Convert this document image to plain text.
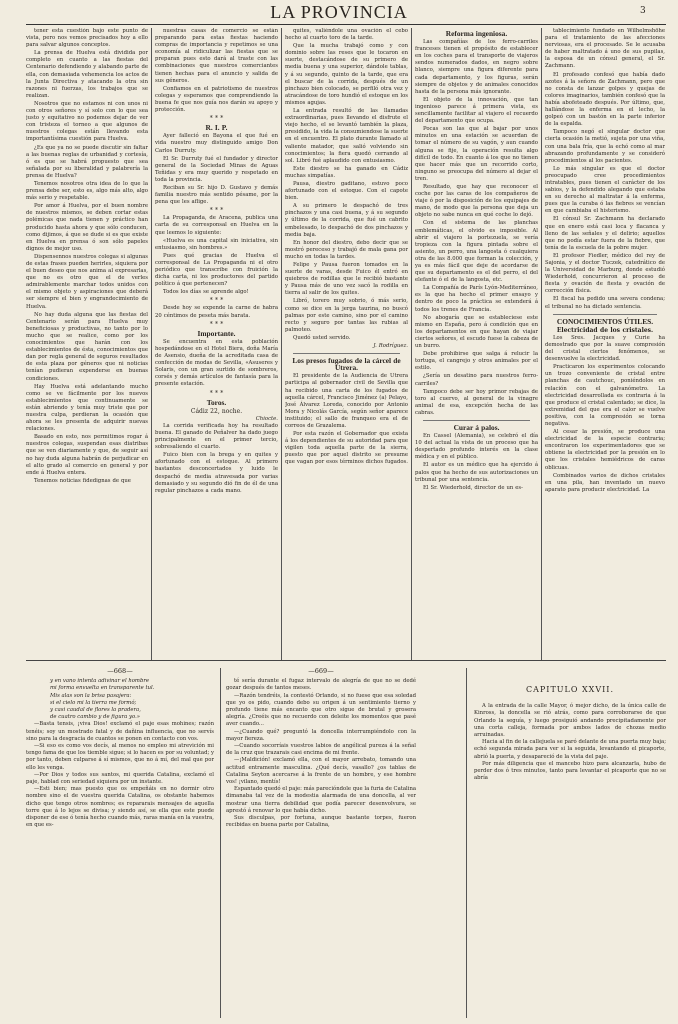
LA PROVINCIA	3

tener esta cuestión bajo este punto de vista, pero nos vemos precisados hoy a ello para salvar algunos conceptos.

La prensa de Huelva está dividida por completo en cuanto a las fiestas del Centenario defendiendo y alabando parte de ella, con demasiada vehemencia los actos de la Junta Directiva y atacando la otra sin razones ni fuerzas, los trabajos que se realizan.

Nosotros que no estamos ni con unos ni con otros señores y sí solo con lo que sea justo y equitativo no podemos dejar de ver con tristeza el torneo a que algunos de nuestros colegas están llevando esta importantísima cuestión para Huelva.

¿Es que ya no se puede discutir sin faltar a las buenas reglas de urbanidad y cortesía, ó es que se habrá propuesto que sea señalada por su liberalidad y palabrería la prensa de Huelva?

Tenemos nosotros otra idea de lo que la prensa debe ser, esto es, algo más alto, algo más serio y respetable.

Por amor á Huelva, por el buen nombre de nuestros mismos, se deben cortar estas polémicas que nada tienen y práctico han producido hasta ahora y que sólo conducen, como dijimos, á que se dude si es que existe en Huelva en prensa ó son sólo papeles dignos de mejor uso.

Dispensennos nuestros colegas si algunas de estas frases pueden herirles, siquiera por el buen deseo que nos anima al expresarlas, que no es otro que el de verles admirablemente marchar todos unidos con el mismo objeto y aspiraciones que deberá ser siempre el bien y engrandecimiento de Huelva.

No hay duda alguna que las fiestas del Centenario serán para Huelva muy beneficiosas y productivas, no tanto por lo mucho que se realice, como por los conocimientos que harán con los establecimientos de ésta, conocimientos que dan por regla general de seguros resultados de esta plaza por géneros que ni noticias tenían pudieran expenderse en buenas condiciones.

Hay Huelva está adelantando mucho como se ve fácilmente por los nuevos establecimientos que continuamente se están abriendo y tenía muy triste que por nuestra culpa, perdieran la ocasión que ahora se les presenta de adquirir nuevas relaciones.

Basado en esto, nos permitimos rogar á nuestros colegas, suspendan esas diatribas que se ven diariamente y que, de seguir así no hay duda alguna habrán de perjudicar en el alto grado al comercio en general y por ende á Huelva entera.

Tenemos noticias fidedignas de que

nuestras casas de comercio se están preparando para estas fiestas haciendo compras de importancia y repetimos se una economía al ridiculizar las fiestas que se preparan pues esto dará al traste con las combinaciones que nuestros comerciantes tienen hechas para el anuncio y salida de sus géneros.

Confiamos en el patriotismo de nuestros colegas y esperamos que comprendiendo la buena fe que nos guía nos darán su apoyo y protección.

* * *
R. I. P.

Ayer falleció en Bayona el que fué en vida nuestro muy distinguido amigo Don Carlos Durruty.

El Sr. Durruty fué el fundador y director general de la Sociedad Minas de Aguas Teñidas y era muy querido y respetado en toda la provincia.

Reciban su Sr. hijo D. Gustavo y demás familia nuestro más sentido pésame, por la pena que les aflige.

* * *

La Propaganda, de Aracena, publica una carta de su corresponsal en Huelva en la que leemos lo siguiente:

«Huelva es una capital sin iniciativa, sin entusiasmo, sin hombres.»

Pues qué gracias de Huelva el corresponsal de La Propaganda ni el otro periódico que transcribe con fruición la dicha carta, ni los productores del partido político á que pertenecen?

Todos los días se aprende algo!

* * *

Desde hoy se expende la carne de habra 20 céntimos de peseta más barata.

* * *
Importante.

Se encuentra en esta población hospedándose en el Hotel Biera, doña María de Asensio, dueña de la acreditada casa de confección de modas de Sevilla, «Asuseres y Solaris, con un gran surtido de sombreros, corsés y demás artículos de fantasía para la presente estación.

* * *
Toros.
Cádiz 22, noche.
Chiocte.

La corrida verificada hoy ha resultado buena. El ganado de Peñalver ha dado juego principalmente en el primer tercio, sobresaliendo el cuarto.

Fuico bien con la brega y en quites y afortunado con el estoque. Al primero bastantes desconcertados y luido le despachó de media atravesada por varias demasiado y su segundo dió fin de él de una regular pinchazos a cada mano.

quites, valiéndole una ovación el cebo hecho al cuarto toro de la tarde.

Que la mucha trabajó como y con dominio sobre las reses que le tocaron en suerte, destacándose de su primero de media buena y una superior, dándole tablas, y á su segundo, quinto de la tarde, que era el buscar de la corrida, después de un pinchazo bien colocado, se perfiló otra vez y atracándose de toro hundió el estoque en los mismos agujas.

La entrada resultó de las llamadas extraordinarias, pues llevando el disfrute el viejo hecho, el se levantó también la plaza, presidido, la vida la consumiendose la suerte en el encuentro. El plato durante llamado al valiente matador, que salió volviendo sin conocimientos; la fiera quedó cerrando al sol. Libró fué aplaudido con entusiasmo.

Este diestro se ha ganado en Cádiz muchas simpatías.

Pausa, diestro gaditano, estuvo poco afortunado con el estoque. Con el capote bien.

A su primero le despachó de tres pinchazos y una casi buena, y á su segundo y último de la corrida, que fué un cabrito embelesado, lo despachó de dos pinchazos y media baja.

En honor del diestro, debo decir que se mostró pereceso y trabajó de mala gana por mucho en todas la tardes.

Felipe y Pausa fueron tomados en la suerte de varas, desde Fuico él entró en quiebros de rodillas que le recibió bastante y Pausa más de uno vez sacó la rodilla en tierra al salir de los quites.

Libró, torero muy sobrio, ó más serio, como se dice en la jerga taurina, no buscó palmas por este camino, sino por el camino recto y seguro por tantas las rubias al palmoteo.

Quedó usted servido.

J. Rodríguez.
Los presos fugados de la cárcel de Utrera.

El presidente de la Audiencia de Utrera participa al gobernador civil de Sevilla que ha recibido una carta de los fugados de aquella cárcel, Francisco Jiménez (a) Pelayo, José Álvarez Loreda, conocido por Antonio Mora y Nicolás García, según señor aparece instituido; el sallo de franqueo era el de correos de Grazalema.

Por esta razón el Gobernador que exista á los dependientes de su autoridad para que vigilen toda aquella parte de la sierra, puesto que por aquel distrito se presume que vagan por esos términos dichos fugados.

Reforma ingeniosa.

Las compañías de los ferro-carriles franceses tienen el propósito de establecer en los coches para el transporte de viajeros sendos numerados dados, en negro sobre blanco, siempre una figura diferente para cada departamento, y los figuras, serán siempre de objetos y de animales conocidos hasta de la persona más ignorante.

El objeto de la innovación, que tan ingenioso parece á primera vista, es sencillamente facilitar al viajero el recuerdo del departamento que ocupa.

Pocas son las que al bajar por unos minutos en una estación se acuerdan de tomar el número de su vagón, y aun cuando alguna se fije, la operación resulta algo difícil de todo. En cuanto á los que no tienen que hacer más que un recorrido corto, ninguno se preocupa del número al dejar el tren.

Resultado, que hay que reconocer el coche por las caras de los compañeros de viaje ó por la disposición de los equipajes de mano, de modo que la persona que deja un objeto no sabe nunca en qué coche lo dejó.

Con el sistema de las planchas emblemáticas, el olvido es imposible. Al abrir el viajero la portezuela, se vería tropieza con la figura pintada sobre el asiento, un perro, una langosta ó cualquiera otra de las 8.000 que forman la colección, y ya es más fácil que deje de acordarse de que su departamento es el del perro, el del elefante ó el de la langosta, etc.

La Compañía de París Lyón-Mediterráneo, es la que ha hecho el primer ensayo y dentro de poco la práctica se extenderá á todos los trenes de Francia.

No abogaría que se estableciese este mismo en España, pero á condición que en los departamentos en que hayan de viajar ciertos señores, el escudo fuese la cabeza de un burro.

Debe prohibirse que salga á relucir la tortuga, el cangrejo y otros animales por el estilo.

¿Sería un desatino para nuestros ferro-carriles?

Tampoco debe ser hoy primor rebajas de toro al cuervo, al general de la vinagre animal de esa, excepción hecha de las cabras.

Curar á palos.

En Cassel (Alemania), se celebró el día 10 del actual la vista de un proceso que ha despertado profundo interés en la clase médica y en el público.

El autor es un médico que ha ejercido á palos que ha hecho de sus autorizaciones un tribunal por una sentencia.

El Sr. Wiederhold, director de un es-

tablecimiento fundado en Wilhelmshöhe para el tratamiento de las afecciones nerviosas, era el procesado. Se le acusaba de haber maltratado á uno de sus pupilas, la esposa de un cónsul general, el Sr. Zachmann.

El profesado confesó que había dado azotes á la señora de Zachmann, pero que no consta de lanzar golpes y quejas de colores imaginarios, también confesó que la había abofeteado después. Por último, que, hallándose la enferma en el lecho, la golpeó con un bastón en la parte inferior de la espalda.

Tampoco negó el singular doctor que cierta ocasión la metió, sujeta por una viña, con una bala fría, que la echó como al mar abrazando profundamente y se consideró procedimientos al los pacientes.

Lo más singular es que el doctor preocupado cree procedimientos intratables, pues tienen el carácter de los sabios, y la defendido alegando que estaba en su derecho al maltratar á la enferma, pues que la curaba ó las fiebres se vencían en que cambiaba el histerismo.

El cónsul Sr. Zachmann ha declarado que en enero está casi loca y flacanca y lleno de las señales y el delirio; aquellos que no podía estar fuera de la fiebre, que tenía de la escuela de la pobre mujer.

El profesor Fiedler, médico del rey de Sajonia, y el doctor Tuczek, catedrático de la Universidad de Marburg, donde estudió Wiederhold, concurrieron al proceso de fiesta y ovación de fiesta y ovación de corrección física.

El fiscal ha pedido una severa condena; el tribunal no ha dictado sentencia.

CONOCIMIENTOS ÚTILES.
Electricidad de los cristales.

Los Sres. Jacques y Curie ha demostrado que por la suave compresión del cristal ciertos fenómenos, se desenvuelve la electricidad.

Practicaron los experimentos colocando un trozo conveniente de cristal entre planchas de cautchouc, poniéndolos en relación con el galvanómetro. La electricidad desarrollada es contraria á la que produce el cristal calentado; se dice, la extremidad del que era el calor se vuelve positiva, con la compresión se torna negativa.

Al cesar la presión, se produce una electricidad de la especie contraria; encontraron los experimentadores que se obtiene la electricidad por la presión en lo que los cristales hemiédricos de caras oblicuas.

Combinados varios de dichos cristales en una pila, han inventado un nuevo aparato para producir electricidad. La

—668—

y en vano intenta adivinar el hombre

mi forma envuelta en transparente tul.

Mis alas son la brisa pasajera:

si el cielo mi la tierra me formó;

y casi caudal de flores la pradera,

de cuatro cambio y de figura yo.»

—Basta tensis, ¡viva Dios! exclamó el paje esas mohines; razón tenéis; soy un mostrado fatal y de dañina influencia, que no servís sino para la desgracia de cuantos se ponen en contacto con vos.

—Si eso es como vos decís, al menos no empleo mi atrevición mi tengo fama de que los tiemble sigue; si lo hacen es por su voluntad; y por tanto, deben culparse á sí mismos, que no á mí, del mal que por ello les venga.

—Por Dios y todos sus santos, mi querida Catalina, exclamó el paje, hablad con seriedad siquiera por un instante.

—Esti bien; mas puesto que os empeñáis en no dormir otro nombre sino el de vuestra querida Catalina, os obstante habemos dicho que tengo otros nombres; es repararais mensajes de aquella torre que á lo lejos se divisa; y siendo así, se ella que este puede disponer de ese ó tenía hecho cuando más, raras manía en la vuestra, en que es-

—669—

té sería durante el fugaz intervalo de alegría de que no se dedé gozar después de tantos meses.

—Razón tendréis, la contestó Orlando, si no fuese que esa soledad que yo os pido, cuando debo su origen á un sentimiento tierno y profundo tiene más encanto que otro sigue de brutal y grosera alegría. ¿Creéis que no recuerdo con deleite los momentos que pasé aver cuando...

—¿Cuando qué? preguntó la doncella interrumpiéndolo con la mayor fiereza.

—Cuando socorríais vuestros labios de angélical pureza á la señal de la cruz que trazarais casi encima de mi frente.

—¡Maldición! exclamó ella, con el mayor arrebato, tomando una actitud entramente masculina. ¿Qué decís, vasallo? ¿os tablas de Catalina Seyton acercarse á la frente de un hombre, y ese hombre vos! ¡vilano, mentís!

Espantado quedó el paje: más parecióndole que la furia de Catalina dimanaba tal vez de la modestia alarmada de una doncella, al ver mostrar una tierra debilidad que podía parecer desenvolvura, se aprestó á renovar lo que había dicho.

Sus disculpas, por fortuna, aunque bastante torpes, fueron recibidas en buena parte por Catalina,

CAPITULO XXVII.

A la entrada de la calle Mayor, ó mejor dicho, de la única calle de Kinross, la doncella se rió atrás, como para corroborarse de que Orlando la seguía, y luego prosiguió andando precipitadamente por una corta calleja, formada por ambos lados de chozas medio arruinadas.

Hacia al fin de la callejuela se paró delante de una puerta muy baja; echó segunda mirada para ver si la seguida, levantando el picaporte, abrió la puerta, y desapareció de la vista del paje.

Por más diligencia que el mancebo hizo para alcanzarla, hubo de perder dos ó tres minutos, tanto para levantar el picaporte que no se abría
